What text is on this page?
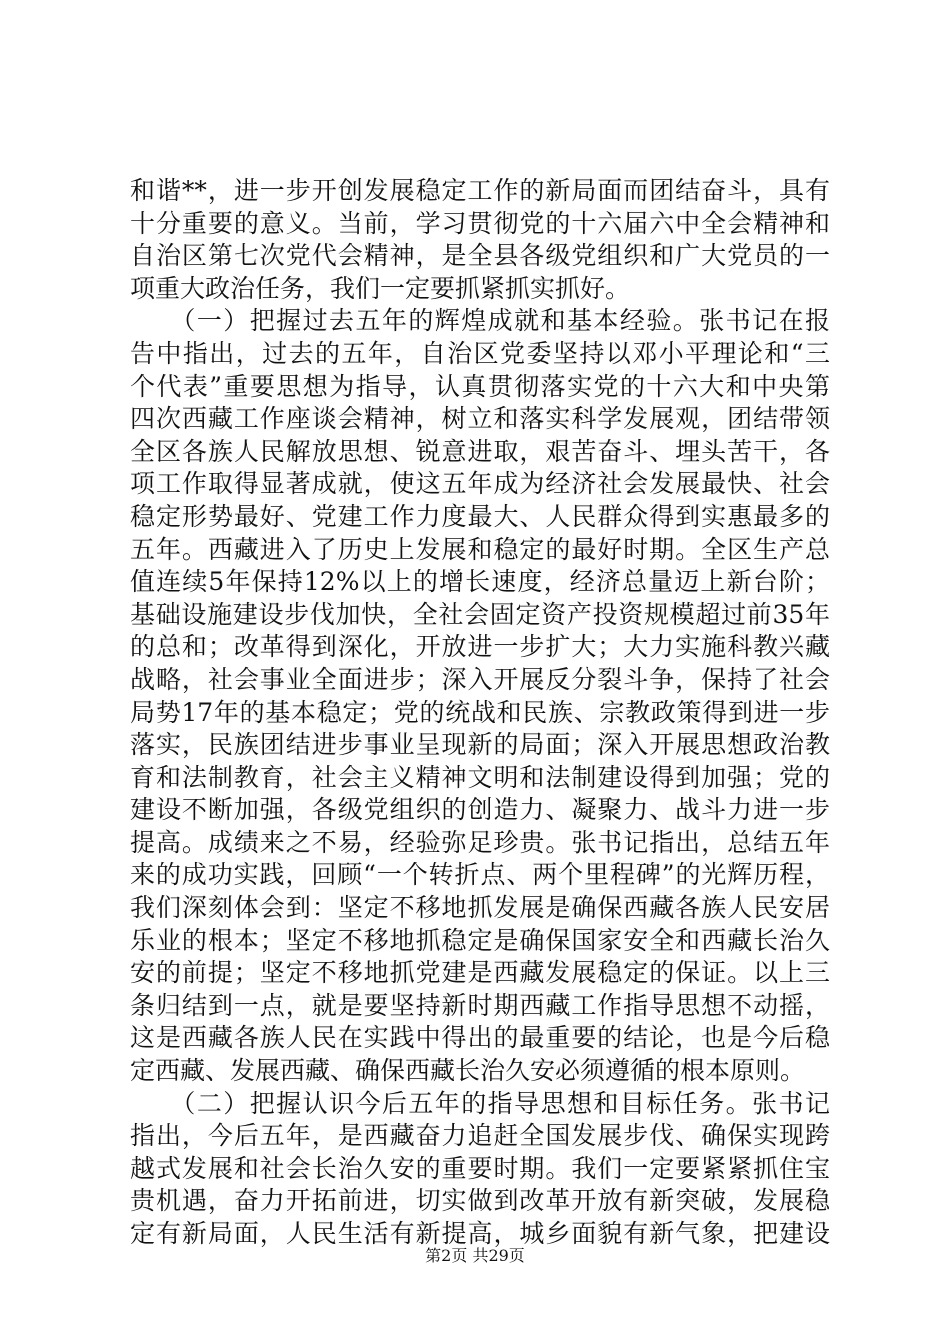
和谐**，进一步开创发展稳定工作的新局面而团结奋斗，具有
十分重要的意义。当前，学习贯彻党的十六届六中全会精神和
自治区第七次党代会精神，是全县各级党组织和广大党员的一
项重大政治任务，我们一定要抓紧抓实抓好。
　　（一）把握过去五年的辉煌成就和基本经验。张书记在报
告中指出，过去的五年，自治区党委坚持以邓小平理论和“三
个代表”重要思想为指导，认真贯彻落实党的十六大和中央第
四次西藏工作座谈会精神，树立和落实科学发展观，团结带领
全区各族人民解放思想、锐意进取，艰苦奋斗、埋头苦干，各
项工作取得显著成就，使这五年成为经济社会发展最快、社会
稳定形势最好、党建工作力度最大、人民群众得到实惠最多的
五年。西藏进入了历史上发展和稳定的最好时期。全区生产总
值连续5年保持12%以上的增长速度，经济总量迈上新台阶；
基础设施建设步伐加快，全社会固定资产投资规模超过前35年
的总和；改革得到深化，开放进一步扩大；大力实施科教兴藏
战略，社会事业全面进步；深入开展反分裂斗争，保持了社会
局势17年的基本稳定；党的统战和民族、宗教政策得到进一步
落实，民族团结进步事业呈现新的局面；深入开展思想政治教
育和法制教育，社会主义精神文明和法制建设得到加强；党的
建设不断加强，各级党组织的创造力、凝聚力、战斗力进一步
提高。成绩来之不易，经验弥足珍贵。张书记指出，总结五年
来的成功实践，回顾“一个转折点、两个里程碑”的光辉历程，
我们深刻体会到：坚定不移地抓发展是确保西藏各族人民安居
乐业的根本；坚定不移地抓稳定是确保国家安全和西藏长治久
安的前提；坚定不移地抓党建是西藏发展稳定的保证。以上三
条归结到一点，就是要坚持新时期西藏工作指导思想不动摇，
这是西藏各族人民在实践中得出的最重要的结论，也是今后稳
定西藏、发展西藏、确保西藏长治久安必须遵循的根本原则。
　　（二）把握认识今后五年的指导思想和目标任务。张书记
指出，今后五年，是西藏奋力追赶全国发展步伐、确保实现跨
越式发展和社会长治久安的重要时期。我们一定要紧紧抓住宝
贵机遇，奋力开拓前进，切实做到改革开放有新突破，发展稳
定有新局面，人民生活有新提高，城乡面貌有新气象，把建设
第2页 共29页
